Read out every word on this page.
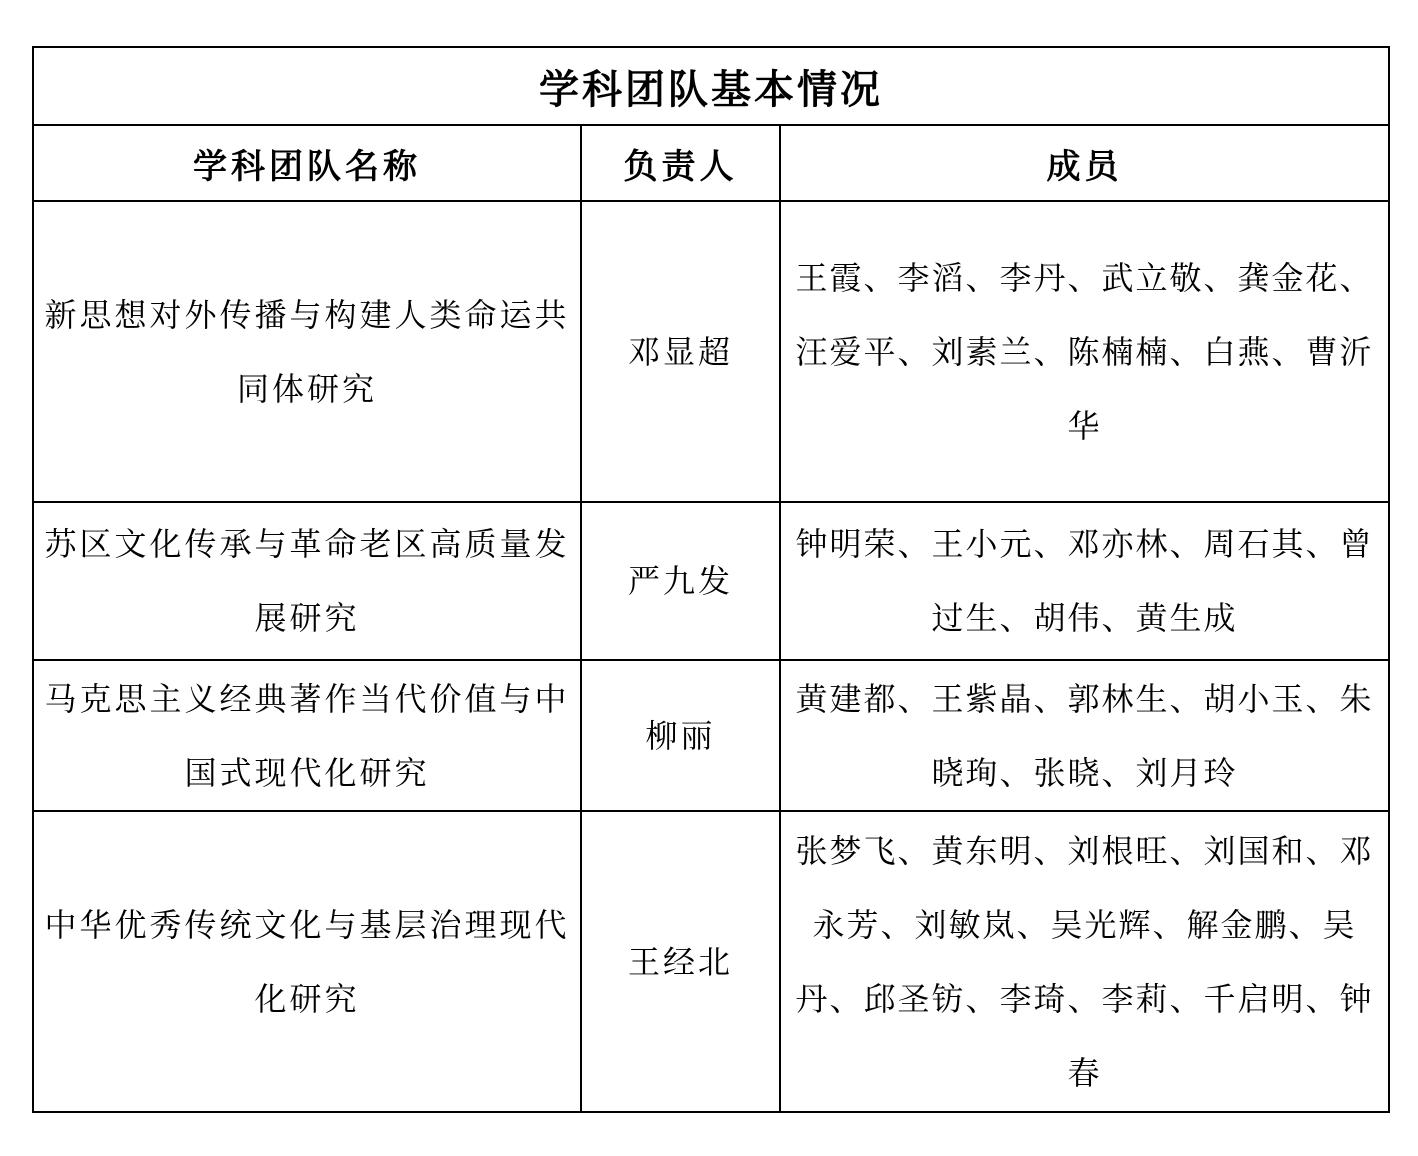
学科团队基本情况		
学科团队名称	负责人	成员
新思想对外传播与构建人类命运共同体研究	邓显超	王霞、李滔、李丹、武立敬、龚金花、汪爱平、刘素兰、陈楠楠、白燕、曹沂华
苏区文化传承与革命老区高质量发展研究	严九发	钟明荣、王小元、邓亦林、周石其、曾过生、胡伟、黄生成
马克思主义经典著作当代价值与中国式现代化研究	柳丽	黄建都、王紫晶、郭林生、胡小玉、朱晓珣、张晓、刘月玲
中华优秀传统文化与基层治理现代化研究	王经北	张梦飞、黄东明、刘根旺、刘国和、邓永芳、刘敏岚、吴光辉、解金鹏、吴丹、邱圣钫、李琦、李莉、千启明、钟春
